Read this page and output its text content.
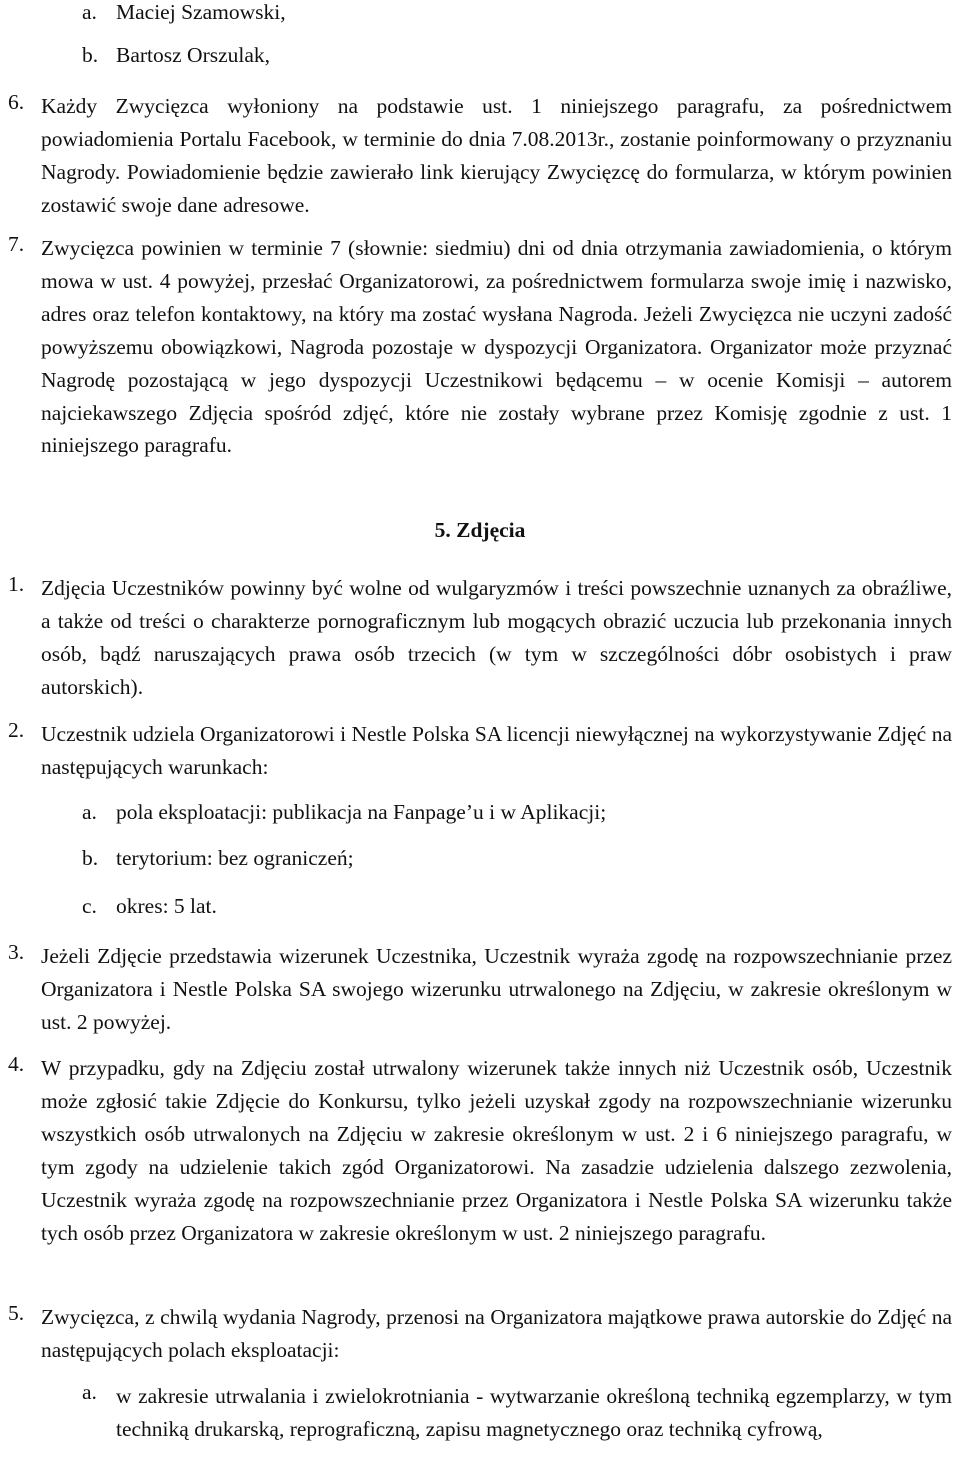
a. Maciej Szamowski,
b. Bartosz Orszulak,
6. Każdy Zwycięzca wyłoniony na podstawie ust. 1 niniejszego paragrafu, za pośrednictwem powiadomienia Portalu Facebook, w terminie do dnia 7.08.2013r., zostanie poinformowany o przyznaniu Nagrody. Powiadomienie będzie zawierało link kierujący Zwycięzcę do formularza, w którym powinien zostawić swoje dane adresowe.
7. Zwycięzca powinien w terminie 7 (słownie: siedmiu) dni od dnia otrzymania zawiadomienia, o którym mowa w ust. 4 powyżej, przesłać Organizatorowi, za pośrednictwem formularza swoje imię i nazwisko, adres oraz telefon kontaktowy, na który ma zostać wysłana Nagroda. Jeżeli Zwycięzca nie uczyni zadość powyższemu obowiązkowi, Nagroda pozostaje w dyspozycji Organizatora. Organizator może przyznać Nagrodę pozostającą w jego dyspozycji Uczestnikowi będącemu – w ocenie Komisji – autorem najciekawszego Zdjęcia spośród zdjęć, które nie zostały wybrane przez Komisję zgodnie z ust. 1 niniejszego paragrafu.
5. Zdjęcia
1. Zdjęcia Uczestników powinny być wolne od wulgaryzmów i treści powszechnie uznanych za obraźliwe, a także od treści o charakterze pornograficznym lub mogących obrazić uczucia lub przekonania innych osób, bądź naruszających prawa osób trzecich (w tym w szczególności dóbr osobistych i praw autorskich).
2. Uczestnik udziela Organizatorowi i Nestle Polska SA licencji niewyłącznej na wykorzystywanie Zdjęć na następujących warunkach:
a. pola eksploatacji: publikacja na Fanpage’u i w Aplikacji;
b. terytorium: bez ograniczeń;
c. okres: 5 lat.
3. Jeżeli Zdjęcie przedstawia wizerunek Uczestnika, Uczestnik wyraża zgodę na rozpowszechnianie przez Organizatora i Nestle Polska SA swojego wizerunku utrwalonego na Zdjęciu, w zakresie określonym w ust. 2 powyżej.
4. W przypadku, gdy na Zdjęciu został utrwalony wizerunek także innych niż Uczestnik osób, Uczestnik może zgłosić takie Zdjęcie do Konkursu, tylko jeżeli uzyskał zgody na rozpowszechnianie wizerunku wszystkich osób utrwalonych na Zdjęciu w zakresie określonym w ust. 2 i 6 niniejszego paragrafu, w tym zgody na udzielenie takich zgód Organizatorowi. Na zasadzie udzielenia dalszego zezwolenia, Uczestnik wyraża zgodę na rozpowszechnianie przez Organizatora i Nestle Polska SA wizerunku także tych osób przez Organizatora w zakresie określonym w ust. 2 niniejszego paragrafu.
5. Zwycięzca, z chwilą wydania Nagrody, przenosi na Organizatora majątkowe prawa autorskie do Zdjęć na następujących polach eksploatacji:
a. w zakresie utrwalania i zwielokrotniania - wytwarzanie określoną techniką egzemplarzy, w tym techniką drukarską, reprograficzną, zapisu magnetycznego oraz techniką cyfrową,
